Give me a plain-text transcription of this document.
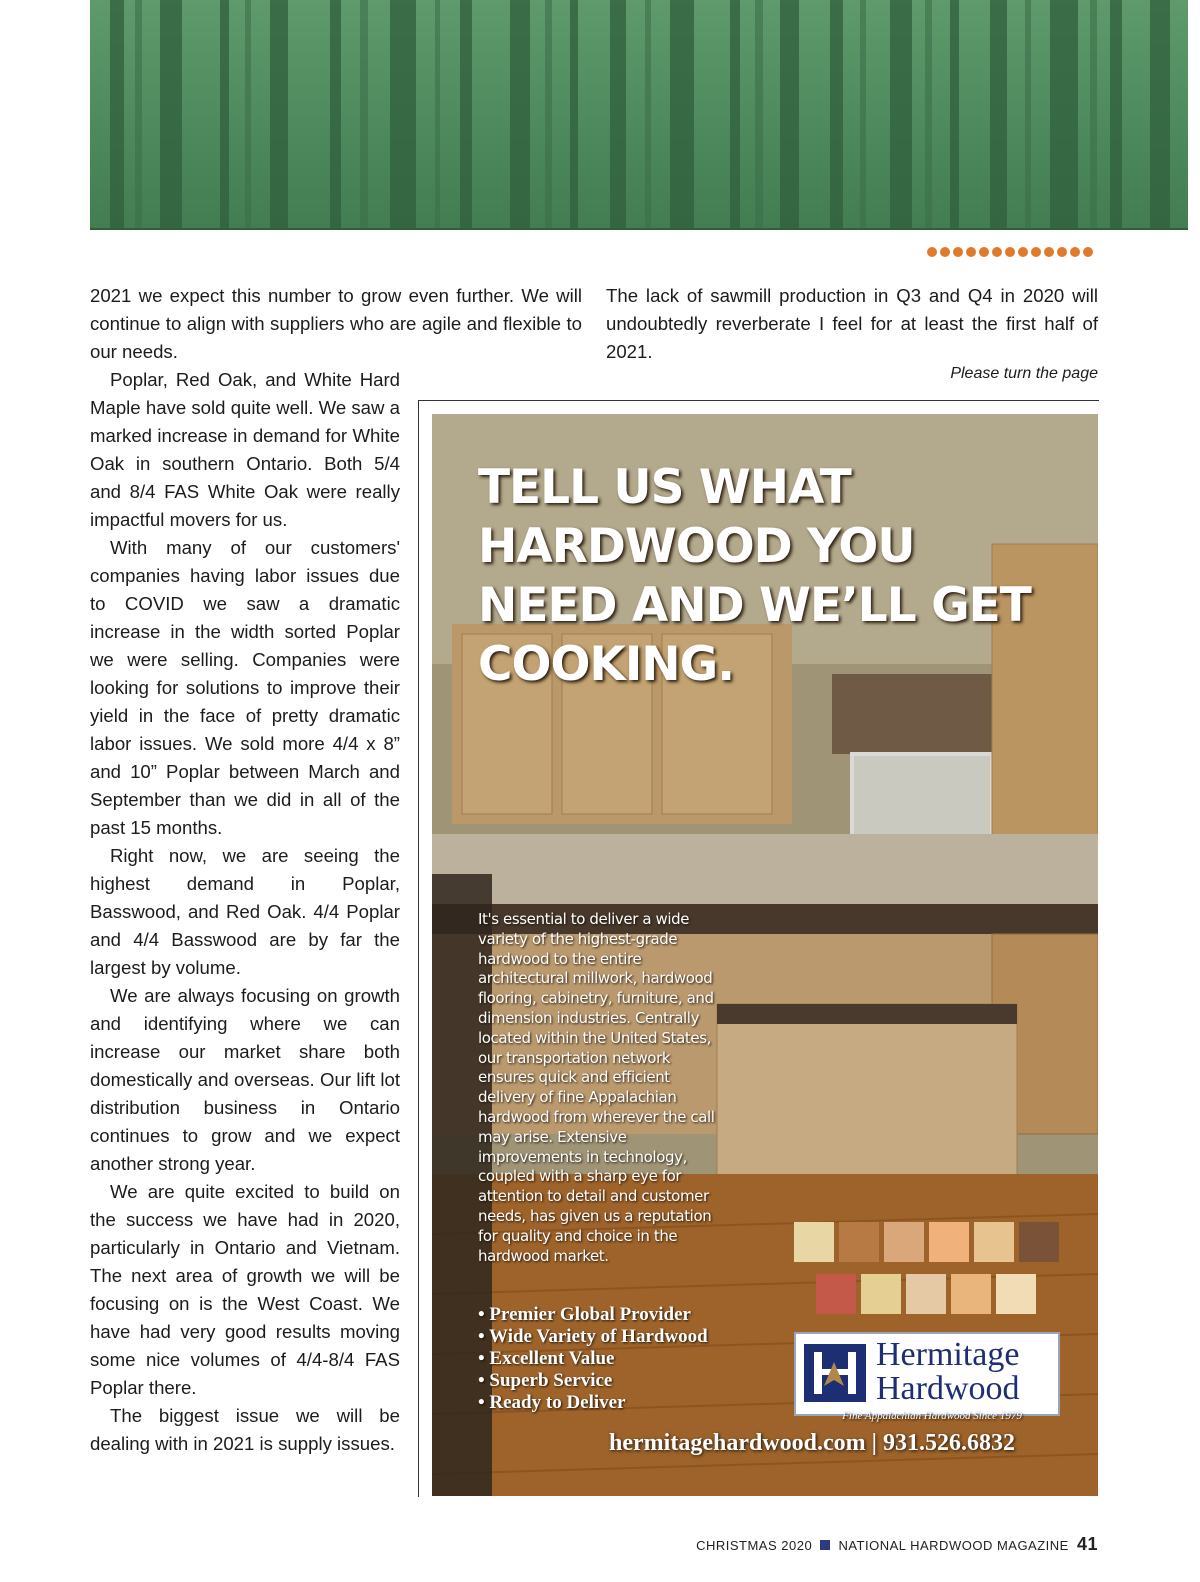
2021 we expect this number to grow even further. We will continue to align with suppliers who are agile and flexible to our needs.

Poplar, Red Oak, and White Hard Maple have sold quite well. We saw a marked increase in demand for White Oak in southern Ontario. Both 5/4 and 8/4 FAS White Oak were really impactful movers for us.

With many of our customers' companies having labor issues due to COVID we saw a dramatic increase in the width sorted Poplar we were selling. Companies were looking for solutions to improve their yield in the face of pretty dramatic labor issues. We sold more 4/4 x 8” and 10” Poplar between March and September than we did in all of the past 15 months.

Right now, we are seeing the highest demand in Poplar, Basswood, and Red Oak. 4/4 Poplar and 4/4 Basswood are by far the largest by volume.

We are always focusing on growth and identifying where we can increase our market share both domestically and overseas. Our lift lot distribution business in Ontario continues to grow and we expect another strong year.

We are quite excited to build on the success we have had in 2020, particularly in Ontario and Vietnam. The next area of growth we will be focusing on is the West Coast. We have had very good results moving some nice volumes of 4/4-8/4 FAS Poplar there.

The biggest issue we will be dealing with in 2021 is supply issues.

The lack of sawmill production in Q3 and Q4 in 2020 will undoubtedly reverberate I feel for at least the first half of 2021.

Please turn the page
TELL US WHAT HARDWOOD YOU NEED AND WE’LL GET COOKING.

It's essential to deliver a wide variety of the highest-grade hardwood to the entire architectural millwork, hardwood flooring, cabinetry, furniture, and dimension industries. Centrally located within the United States, our transportation network ensures quick and efficient delivery of fine Appalachian hardwood from wherever the call may arise. Extensive improvements in technology, coupled with a sharp eye for attention to detail and customer needs, has given us a reputation for quality and choice in the hardwood market.

• Premier Global Provider
• Wide Variety of Hardwood
• Excellent Value
• Superb Service
• Ready to Deliver
Hermitage Hardwood
Fine Appalachian Hardwood Since 1979
hermitagehardwood.com | 931.526.6832
CHRISTMAS 2020 NATIONAL HARDWOOD MAGAZINE 41
